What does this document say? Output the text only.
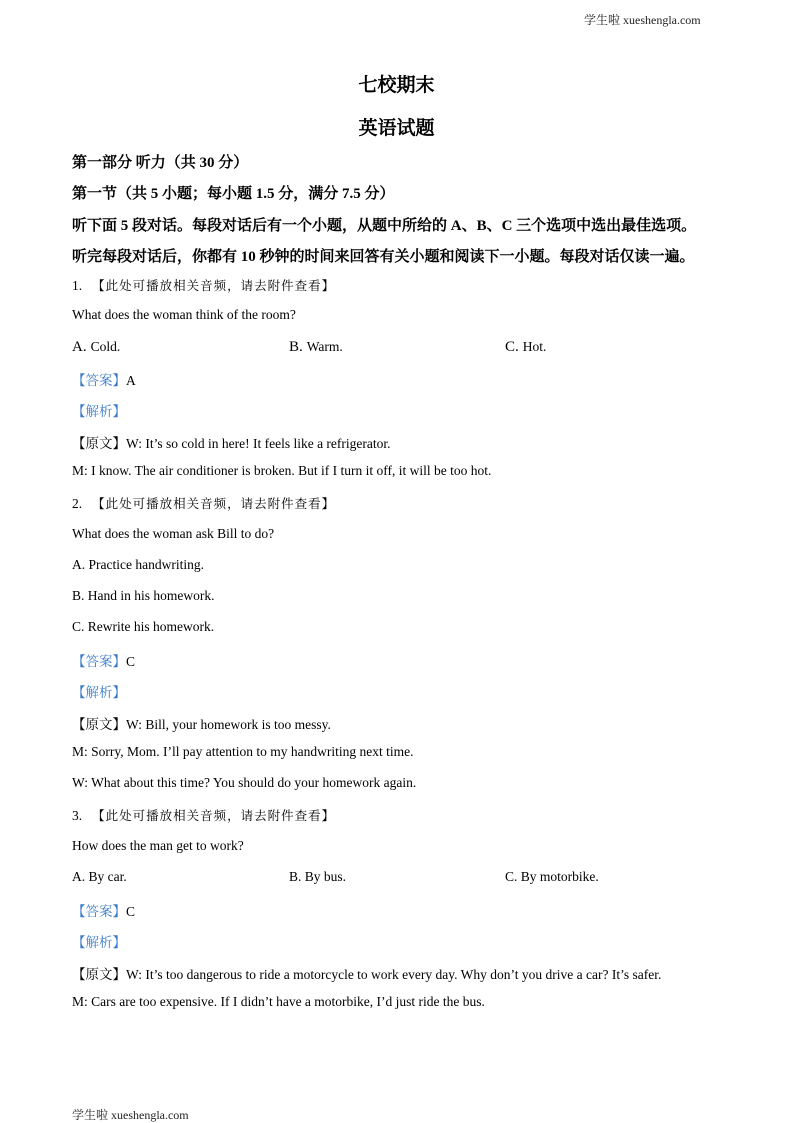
学生啦 xueshengla.com
学生啦 xueshengla.com
七校期末
英语试题
第一部分 听力（共 30 分）
第一节（共 5 小题；每小题 1.5 分，满分 7.5 分）
听下面 5 段对话。每段对话后有一个小题，从题中所给的 A、B、C 三个选项中选出最佳选项。
听完每段对话后，你都有 10 秒钟的时间来回答有关小题和阅读下一小题。每段对话仅读一遍。
1. 【此处可播放相关音频，请去附件查看】
What does the woman think of the room?
A. Cold.	B. Warm.	C. Hot.
【答案】A
【解析】
【原文】W: It’s so cold in here! It feels like a refrigerator.
M: I know. The air conditioner is broken. But if I turn it off, it will be too hot.
2. 【此处可播放相关音频，请去附件查看】
What does the woman ask Bill to do?
A. Practice handwriting.
B. Hand in his homework.
C. Rewrite his homework.
【答案】C
【解析】
【原文】W: Bill, your homework is too messy.
M: Sorry, Mom. I’ll pay attention to my handwriting next time.
W: What about this time? You should do your homework again.
3. 【此处可播放相关音频，请去附件查看】
How does the man get to work?
A. By car.	B. By bus.	C. By motorbike.
【答案】C
【解析】
【原文】W: It’s too dangerous to ride a motorcycle to work every day. Why don’t you drive a car? It’s safer.
M: Cars are too expensive. If I didn’t have a motorbike, I’d just ride the bus.
